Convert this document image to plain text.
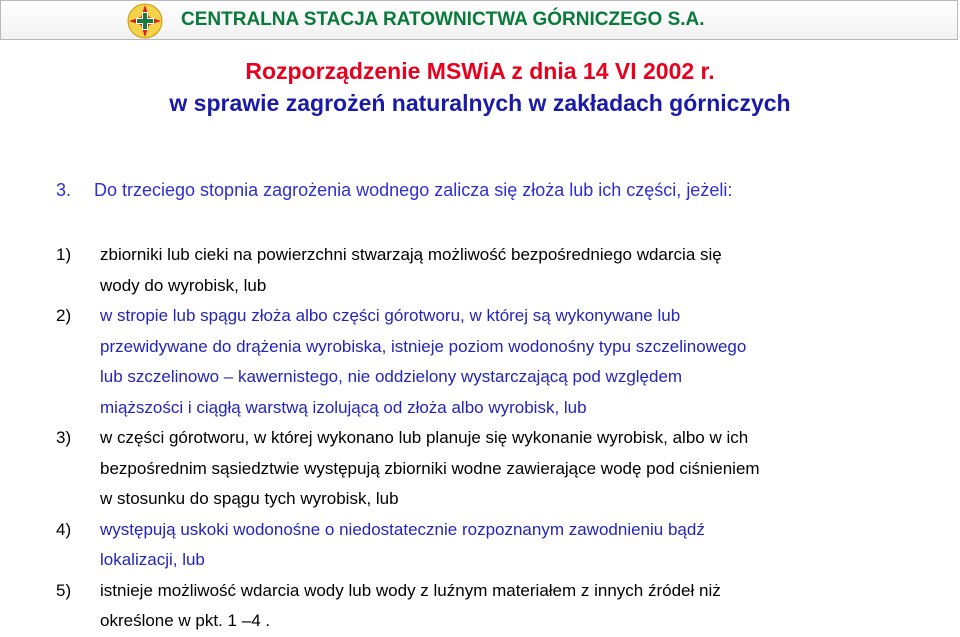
CENTRALNA STACJA RATOWNICTWA GÓRNICZEGO S.A.
Rozporządzenie MSWiA z dnia 14 VI 2002 r.
w sprawie zagrożeń naturalnych w zakładach górniczych
3. Do trzeciego stopnia zagrożenia wodnego zalicza się złoża lub ich części, jeżeli:
1)	zbiorniki lub cieki na powierzchni stwarzają możliwość bezpośredniego wdarcia się
wody do wyrobisk, lub
2)	w stropie lub spągu złoża albo części górotworu, w której są wykonywane lub
przewidywane do drążenia wyrobiska, istnieje poziom wodonośny typu szczelinowego
lub szczelinowo – kawernistego, nie oddzielony wystarczającą pod względem
miąższości i ciągłą warstwą izolującą od złoża albo wyrobisk, lub
3)	w części górotworu, w której wykonano lub planuje się wykonanie wyrobisk, albo w ich
bezpośrednim sąsiedztwie występują zbiorniki wodne zawierające wodę pod ciśnieniem
w stosunku do spągu tych wyrobisk, lub
4)	występują uskoki wodonośne o niedostatecznie rozpoznanym zawodnieniu bądź
lokalizacji, lub
5)	istnieje możliwość wdarcia wody lub wody z luźnym materiałem z innych źródeł niż
określone w pkt. 1 –4 .
